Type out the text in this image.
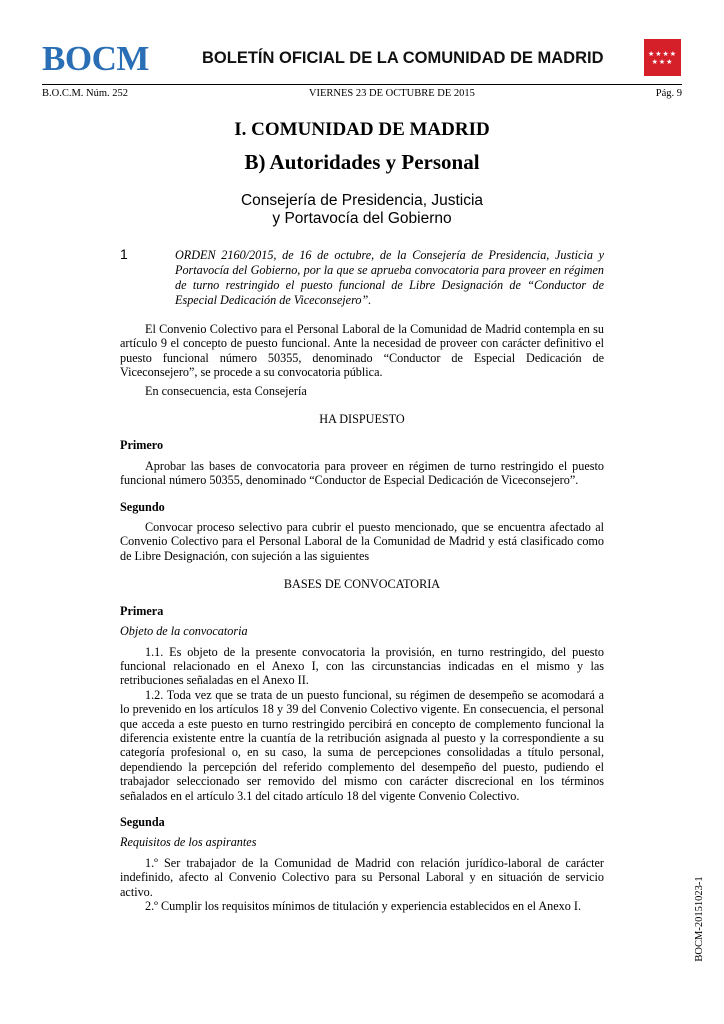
BOCM	BOLETÍN OFICIAL DE LA COMUNIDAD DE MADRID	★★★★
★★★
B.O.C.M. Núm. 252	VIERNES 23 DE OCTUBRE DE 2015	Pág. 9
BOCM-20151023-1
I. COMUNIDAD DE MADRID
B) Autoridades y Personal
Consejería de Presidencia, Justicia
y Portavocía del Gobierno
1	ORDEN 2160/2015, de 16 de octubre, de la Consejería de Presidencia, Justicia y Portavocía del Gobierno, por la que se aprueba convocatoria para proveer en régimen de turno restringido el puesto funcional de Libre Designación de “Conductor de Especial Dedicación de Viceconsejero”.

El Convenio Colectivo para el Personal Laboral de la Comunidad de Madrid contempla en su artículo 9 el concepto de puesto funcional. Ante la necesidad de proveer con carácter definitivo el puesto funcional número 50355, denominado “Conductor de Especial Dedicación de Viceconsejero”, se procede a su convocatoria pública.

En consecuencia, esta Consejería

HA DISPUESTO

Primero

Aprobar las bases de convocatoria para proveer en régimen de turno restringido el puesto funcional número 50355, denominado “Conductor de Especial Dedicación de Viceconsejero”.

Segundo

Convocar proceso selectivo para cubrir el puesto mencionado, que se encuentra afectado al Convenio Colectivo para el Personal Laboral de la Comunidad de Madrid y está clasificado como de Libre Designación, con sujeción a las siguientes

BASES DE CONVOCATORIA

Primera

Objeto de la convocatoria

1.1. Es objeto de la presente convocatoria la provisión, en turno restringido, del puesto funcional relacionado en el Anexo I, con las circunstancias indicadas en el mismo y las retribuciones señaladas en el Anexo II.

1.2. Toda vez que se trata de un puesto funcional, su régimen de desempeño se acomodará a lo prevenido en los artículos 18 y 39 del Convenio Colectivo vigente. En consecuencia, el personal que acceda a este puesto en turno restringido percibirá en concepto de complemento funcional la diferencia existente entre la cuantía de la retribución asignada al puesto y la correspondiente a su categoría profesional o, en su caso, la suma de percepciones consolidadas a título personal, dependiendo la percepción del referido complemento del desempeño del puesto, pudiendo el trabajador seleccionado ser removido del mismo con carácter discrecional en los términos señalados en el artículo 3.1 del citado artículo 18 del vigente Convenio Colectivo.

Segunda

Requisitos de los aspirantes

1.º Ser trabajador de la Comunidad de Madrid con relación jurídico-laboral de carácter indefinido, afecto al Convenio Colectivo para su Personal Laboral y en situación de servicio activo.

2.º Cumplir los requisitos mínimos de titulación y experiencia establecidos en el Anexo I.
